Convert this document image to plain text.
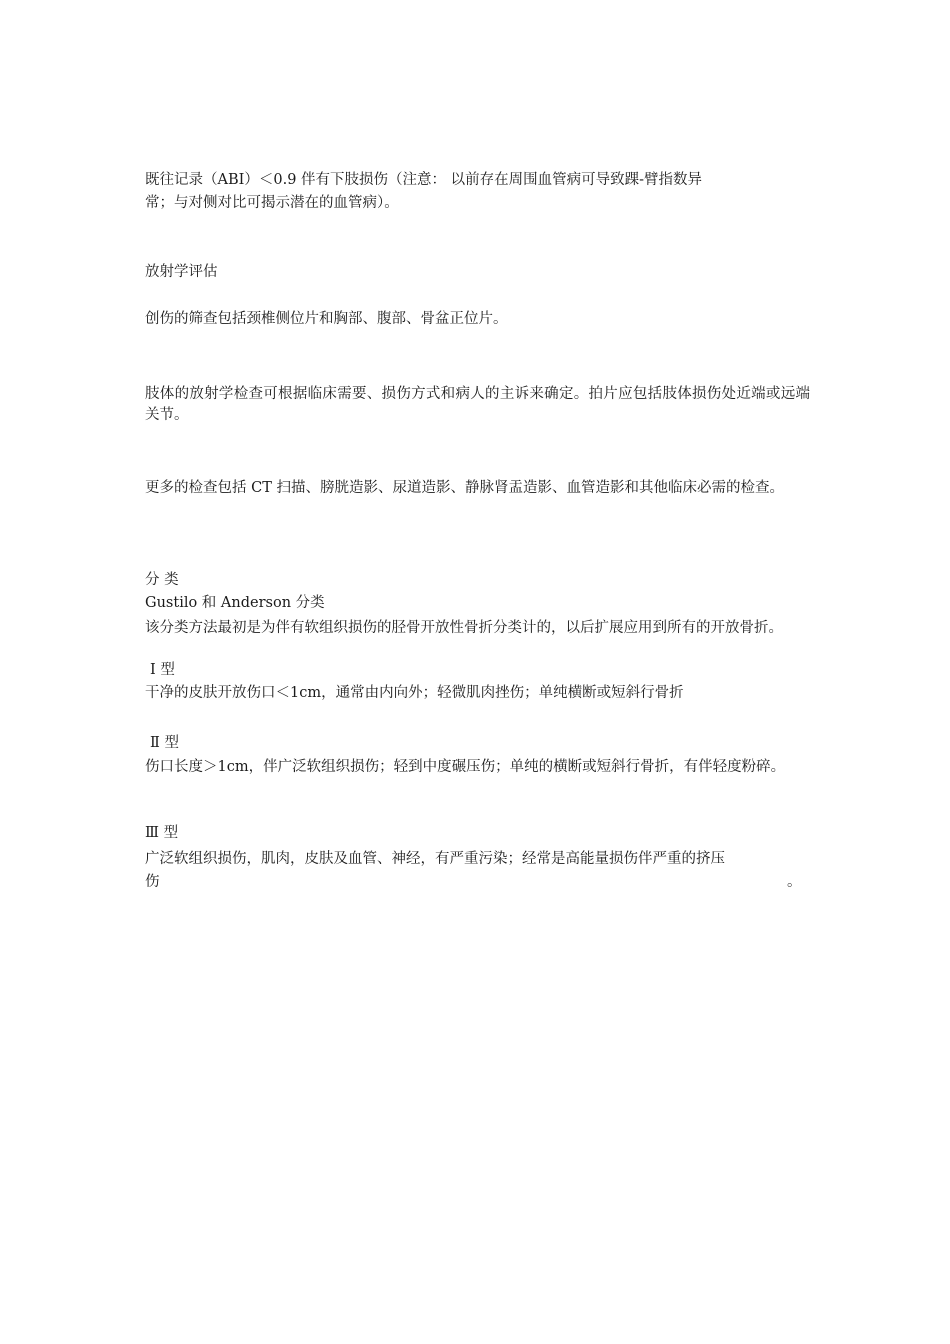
既往记录（ABI）＜0.9 伴有下肢损伤（注意： 以前存在周围血管病可导致踝-臂指数异

常；与对侧对比可揭示潜在的血管病）。

放射学评估

创伤的筛查包括颈椎侧位片和胸部、腹部、骨盆正位片。

肢体的放射学检查可根据临床需要、损伤方式和病人的主诉来确定。拍片应包括肢体损伤处近端或远端关节。

更多的检查包括 CT 扫描、膀胱造影、尿道造影、静脉肾盂造影、血管造影和其他临床必需的检查。

分 类

Gustilo 和 Anderson 分类

该分类方法最初是为伴有软组织损伤的胫骨开放性骨折分类计的，以后扩展应用到所有的开放骨折。

Ⅰ 型

干净的皮肤开放伤口＜1cm，通常由内向外；轻微肌肉挫伤；单纯横断或短斜行骨折

Ⅱ 型

伤口长度＞1cm，伴广泛软组织损伤；轻到中度碾压伤；单纯的横断或短斜行骨折，有伴轻度粉碎。

Ⅲ 型

广泛软组织损伤，肌肉，皮肤及血管、神经，有严重污染；经常是高能量损伤伴严重的挤压

伤	。
